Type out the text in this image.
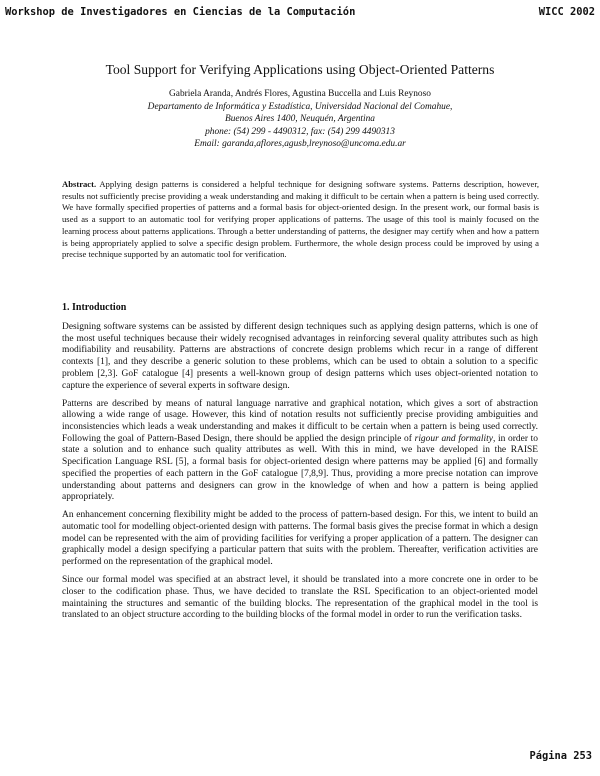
Workshop de Investigadores en Ciencias de la Computación	WICC 2002
Tool Support for Verifying Applications using Object-Oriented Patterns
Gabriela Aranda, Andrés Flores, Agustina Buccella and Luis Reynoso
Departamento de Informática y Estadística, Universidad Nacional del Comahue,
Buenos Aires 1400, Neuquén, Argentina
phone: (54) 299 - 4490312, fax: (54) 299 4490313
Email: garanda,aflores,agusb,lreynoso@uncoma.edu.ar
Abstract. Applying design patterns is considered a helpful technique for designing software systems. Patterns description, however, results not sufficiently precise providing a weak understanding and making it difficult to be certain when a pattern is being used correctly. We have formally specified properties of patterns and a formal basis for object-oriented design. In the present work, our formal basis is used as a support to an automatic tool for verifying proper applications of patterns. The usage of this tool is mainly focused on the learning process about patterns applications. Through a better understanding of patterns, the designer may certify when and how a pattern is being appropriately applied to solve a specific design problem. Furthermore, the whole design process could be improved by using a precise technique supported by an automatic tool for verification.
1. Introduction

Designing software systems can be assisted by different design techniques such as applying design patterns, which is one of the most useful techniques because their widely recognised advantages in reinforcing several quality attributes such as high modifiability and reusability. Patterns are abstractions of concrete design problems which recur in a range of different contexts [1], and they describe a generic solution to these problems, which can be used to obtain a solution to a specific problem [2,3]. GoF catalogue [4] presents a well-known group of design patterns which uses object-oriented notation to capture the experience of several experts in software design.

Patterns are described by means of natural language narrative and graphical notation, which gives a sort of abstraction allowing a wide range of usage. However, this kind of notation results not sufficiently precise providing ambiguities and inconsistencies which leads a weak understanding and makes it difficult to be certain when a pattern is being used correctly. Following the goal of Pattern-Based Design, there should be applied the design principle of rigour and formality, in order to state a solution and to enhance such quality attributes as well. With this in mind, we have developed in the RAISE Specification Language RSL [5], a formal basis for object-oriented design where patterns may be applied [6] and formally specified the properties of each pattern in the GoF catalogue [7,8,9]. Thus, providing a more precise notation can improve understanding about patterns and designers can grow in the knowledge of when and how a pattern is being applied appropriately.

An enhancement concerning flexibility might be added to the process of pattern-based design. For this, we intent to build an automatic tool for modelling object-oriented design with patterns. The formal basis gives the precise format in which a design model can be represented with the aim of providing facilities for verifying a proper application of a pattern. The designer can graphically model a design specifying a particular pattern that suits with the problem. Thereafter, verification activities are performed on the representation of the graphical model.

Since our formal model was specified at an abstract level, it should be translated into a more concrete one in order to be closer to the codification phase. Thus, we have decided to translate the RSL Specification to an object-oriented model maintaining the structures and semantic of the building blocks. The representation of the graphical model in the tool is translated to an object structure according to the building blocks of the formal model in order to run the verification tasks.

Página 253
